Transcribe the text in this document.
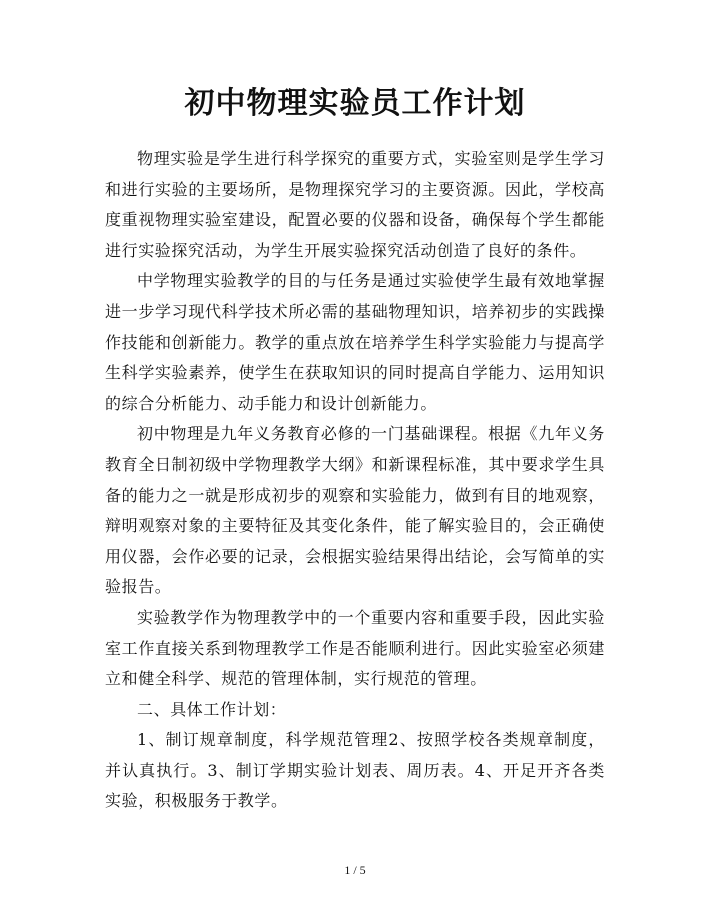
初中物理实验员工作计划

物理实验是学生进行科学探究的重要方式，实验室则是学生学习和进行实验的主要场所，是物理探究学习的主要资源。因此，学校高度重视物理实验室建设，配置必要的仪器和设备，确保每个学生都能进行实验探究活动，为学生开展实验探究活动创造了良好的条件。

中学物理实验教学的目的与任务是通过实验使学生最有效地掌握进一步学习现代科学技术所必需的基础物理知识，培养初步的实践操作技能和创新能力。教学的重点放在培养学生科学实验能力与提高学生科学实验素养，使学生在获取知识的同时提高自学能力、运用知识的综合分析能力、动手能力和设计创新能力。

初中物理是九年义务教育必修的一门基础课程。根据《九年义务教育全日制初级中学物理教学大纲》和新课程标准，其中要求学生具备的能力之一就是形成初步的观察和实验能力，做到有目的地观察，辩明观察对象的主要特征及其变化条件，能了解实验目的，会正确使用仪器，会作必要的记录，会根据实验结果得出结论，会写简单的实验报告。

实验教学作为物理教学中的一个重要内容和重要手段，因此实验室工作直接关系到物理教学工作是否能顺利进行。因此实验室必须建立和健全科学、规范的管理体制，实行规范的管理。

二、具体工作计划：

1、制订规章制度，科学规范管理2、按照学校各类规章制度，并认真执行。3、制订学期实验计划表、周历表。4、开足开齐各类实验，积极服务于教学。

1 / 5
